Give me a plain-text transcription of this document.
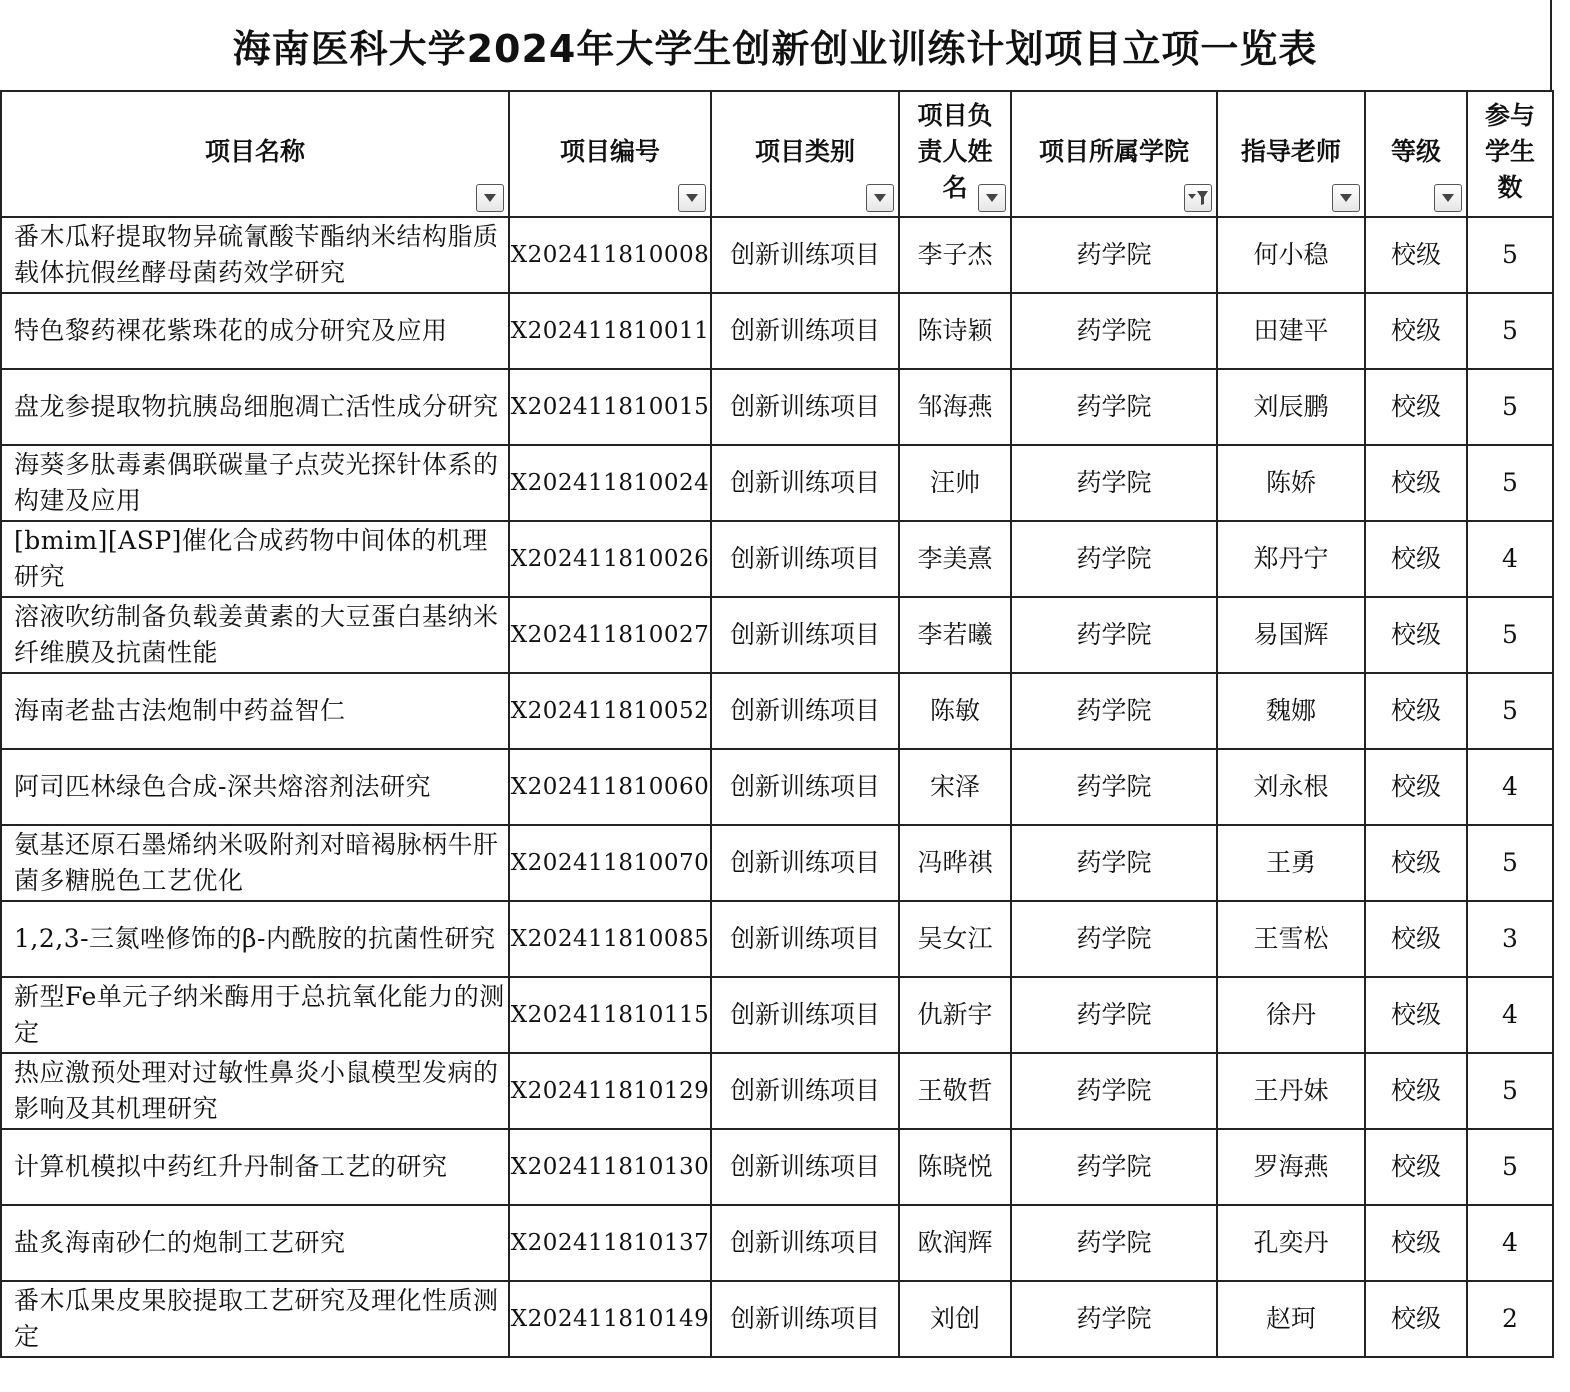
海南医科大学2024年大学生创新创业训练计划项目立项一览表
项目名称	项目编号	项目类别	项目负责人姓名	项目所属学院	指导老师	等级	参与学生数
番木瓜籽提取物异硫氰酸苄酯纳米结构脂质载体抗假丝酵母菌药效学研究	X202411810008	创新训练项目	李子杰	药学院	何小稳	校级	5
特色黎药裸花紫珠花的成分研究及应用	X202411810011	创新训练项目	陈诗颖	药学院	田建平	校级	5
盘龙参提取物抗胰岛细胞凋亡活性成分研究	X202411810015	创新训练项目	邹海燕	药学院	刘辰鹏	校级	5
海葵多肽毒素偶联碳量子点荧光探针体系的构建及应用	X202411810024	创新训练项目	汪帅	药学院	陈娇	校级	5
[bmim][ASP]催化合成药物中间体的机理研究	X202411810026	创新训练项目	李美熹	药学院	郑丹宁	校级	4
溶液吹纺制备负载姜黄素的大豆蛋白基纳米纤维膜及抗菌性能	X202411810027	创新训练项目	李若曦	药学院	易国辉	校级	5
海南老盐古法炮制中药益智仁	X202411810052	创新训练项目	陈敏	药学院	魏娜	校级	5
阿司匹林绿色合成-深共熔溶剂法研究	X202411810060	创新训练项目	宋泽	药学院	刘永根	校级	4
氨基还原石墨烯纳米吸附剂对暗褐脉柄牛肝菌多糖脱色工艺优化	X202411810070	创新训练项目	冯晔祺	药学院	王勇	校级	5
1,2,3-三氮唑修饰的β-内酰胺的抗菌性研究	X202411810085	创新训练项目	吴女江	药学院	王雪松	校级	3
新型Fe单元子纳米酶用于总抗氧化能力的测定	X202411810115	创新训练项目	仇新宇	药学院	徐丹	校级	4
热应激预处理对过敏性鼻炎小鼠模型发病的影响及其机理研究	X202411810129	创新训练项目	王敬哲	药学院	王丹妹	校级	5
计算机模拟中药红升丹制备工艺的研究	X202411810130	创新训练项目	陈晓悦	药学院	罗海燕	校级	5
盐炙海南砂仁的炮制工艺研究	X202411810137	创新训练项目	欧润辉	药学院	孔奕丹	校级	4
番木瓜果皮果胶提取工艺研究及理化性质测定	X202411810149	创新训练项目	刘创	药学院	赵珂	校级	2
